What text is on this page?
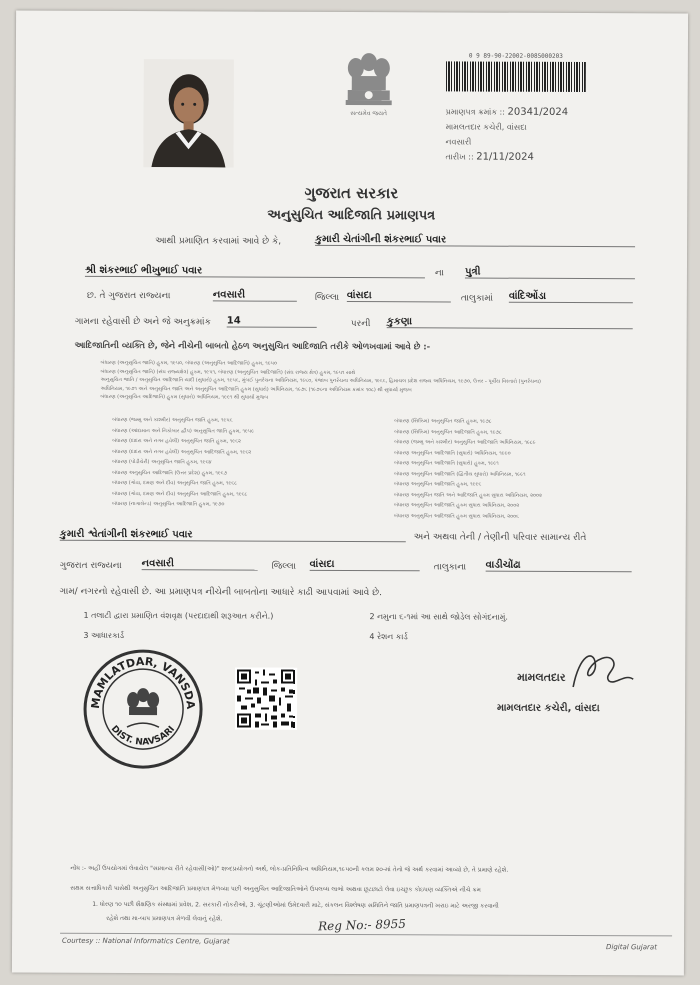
સત્યમેવ જયતે
0 9 89-90-22002-0085000203
પ્રમાણપત્ર ક્રમાંક :: 20341/2024
મામલતદાર કચેરી, વાંસદા
નવસારી
તારીખ :: 21/11/2024
ગુજરાત સરકાર
અનુસુચિત આદિજાતિ પ્રમાણપત્ર
આથી પ્રમાણિત કરવામાં આવે છે કે,	કુમારી ચેતાંગીની શંકરભાઈ પવાર
શ્રી શંકરભાઈ ભીખુભાઈ પવાર	ના પુત્રી
છ. તે ગુજરાત રાજ્યના	નવસારી	જિલ્લા વાંસદા	તાલુકામાં વાંદિઓંડા
ગામના રહેવાસી છે અને જે અનુક્રમાંક 14	પરની કુકણા
આદિજાતિની વ્યક્તિ છે, જેને નીચેની બાબતો હેઠળ અનુસુચિત આદિજાતિ તરીકે ઓળખવામાં આવે છે :-
બંધારણ (અનુસુચિત જાતિ) હુકમ, ૧૯૫૦, બંધારણ (અનુસુચિત આદિજાતિ) હુકમ, ૧૯૫૦
બંધારણ (અનુસુચિત જાતિ) (સંઘ રાજ્યક્ષેત્ર) હુકમ, ૧૯૫૧, બંધારણ (અનુસુચિત આદિજાતિ) (સંઘ રાજ્ય ક્ષેત્ર) હુકમ, ૧૯૫૧ સાથે
અનુસુચિત જાતિ / અનુસુચિત આદિજાતિ યાદી (સુધારો) હુકમ, ૧૯૫૬, મુંબઈ પુનર્રચના અધિનિયમ, ૧૯૬૦, પંજાબ પુનર્રચના અધિનિયમ, ૧૯૬૬, હિમાચલ પ્રદેશ રાજ્ય અધિનિયમ, ૧૯૭૦, ઉત્તર - પૂર્વીય વિસ્તારો (પુનર્રચના)
અધિનિયમ, ૧૯૭૧ અને અનુસુચિત જાતિ અને અનુસુચિત આદિજાતિ હુકમ (સુધારો) અધિનિયમ, ૧૯૭૬ (૧૯૭૬ના અધિનિયમ ક્રમાંક ૧૦૮) થી સુધાર્યા મુજબ
બંધારણ (અનુસુચિત આદિજાતિ) હુકમ (સુધારો) અધિનિયમ, ૧૯૯૧ થી સુધાર્યા મુજબ
બંધારણ (જમ્મુ અને કાશ્મીર) અનુસુચિત જાતિ હુકમ, ૧૯૫૬
બંધારણ (આંદામાન અને નિકોબાર દ્વીપ) અનુસુચિત જાતિ હુકમ, ૧૯૫૯
બંધારણ (દાદરા અને નગર હવેલી) અનુસુચિત જાતિ હુકમ, ૧૯૬૨
બંધારણ (દાદરા અને નગર હવેલી) અનુસુચિત આદિજાતિ હુકમ, ૧૯૬૨
બંધારણ (પોંડીચેરી) અનુસુચિત જાતિ હુકમ, ૧૯૬૪
બંધારણ અનુસુચિત આદિજાતિ (ઉત્તર પ્રદેશ) હુકમ, ૧૯૬૭
બંધારણ (ગોવા, દમણ અને દીવ) અનુસુચિત જાતિ હુકમ, ૧૯૬૮
બંધારણ (ગોવા, દમણ અને દીવ) અનુસુચિત આદિજાતિ હુકમ, ૧૯૬૮
બંધારણ (નાગાલેન્ડ) અનુસુચિત આદિજાતિ હુકમ, ૧૯૭૦
બંધારણ (સિક્કિમ) અનુસુચિત જાતિ હુકમ, ૧૯૭૮
બંધારણ (સિક્કિમ) અનુસુચિત આદિજાતિ હુકમ, ૧૯૭૮
બંધારણ (જમ્મુ અને કાશ્મીર) અનુસુચિત આદિજાતિ અધિનિયમ, ૧૯૮૯
બંધારણ અનુસુચિત આદિજાતિ (સુધારો) અધિનિયમ, ૧૯૯૦
બંધારણ અનુસુચિત આદિજાતિ (સુધારો) હુકમ, ૧૯૯૧
બંધારણ અનુસુચિત આદિજાતિ (દ્વિતીય સુધારો) અધિનિયમ, ૧૯૯૧
બંધારણ અનુસુચિત આદિજાતિ હુકમ, ૧૯૯૬
બંધારણ અનુસુચિત જાતિ અને આદિજાતિ હુકમ સુધારા અધિનિયમ, ૨૦૦૨
બંધારણ અનુસુચિત આદિજાતિ હુકમ સુધારા અધિનિયમ, ૨૦૦૨
બંધારણ અનુસુચિત આદિજાતિ હુકમ સુધારા અધિનિયમ, ૨૦૦૬
કુમારી શ્વેતાંગીની શંકરભાઈ પવાર	અને અથવા તેની / તેણીની પરિવાર સામાન્ય રીતે
ગુજરાત રાજ્યના નવસારી	જિલ્લા વાંસદા	તાલુકાના વાડીચોંઢા
ગામ/ નગરનો રહેવાસી છે. આ પ્રમાણપત્ર નીચેની બાબતોના આધારે કાઢી આપવામાં આવે છે.
1 તલાટી દ્વારા પ્રમાણિત વંશવૃક્ષ (પરદાદાથી શરૂઆત કરીને.)	2 નમુના ૬-૧માં આ સાથે જોડેલ સોગંદનામું.
3 આધારકાર્ડ	4 રેશન કાર્ડ
MAMLATDAR, VANSDA
DIST. NAVSARI
મામલતદાર
મામલતદાર કચેરી, વાંસદા
નોંધ :- અહીં ઉપયોગમાં લેવાયેલ "સામાન્ય રીતે રહેવાસી(ઓ)" શબ્દપ્રયોગનો અર્થ, લોક-પ્રતિનિધિત્વ અધિનિયમ,૧૯૫૦ની કલમ ૨૦-માં તેનો જે અર્થ કરવામાં આવ્યો છે, તે પ્રમાણે રહેશે.
સક્ષમ સત્તાધિકારી પાસેથી અનુસુચિત આદિજાતિ પ્રમાણપત્ર મેળવ્યા પછી અનુસુચિત આદિજાતિઓને ઉપલબ્ધ લાભો અથવા છૂટછાટો લેવા ઇચ્છુક કોઇપણ વ્યક્તિએ નીચે ક્રમ
1. ધોરણ ૧૦ પછી શૈક્ષણિક સંસ્થામાં પ્રવેશ, 2. સરકારી નોકરીઓ, 3. ચૂંટણીઓમાં ઉમેદવારી માટે, સંકલન વિશ્લેષણ સમિતિને જાતિ પ્રમાણપત્રની ખરાઇ માટે અરજી કરવાની
રહેશે તથા મા-બાપ પ્રમાણપત્ર મેળવી લેવાનું રહેશે.	Reg No:- 8955
Courtesy :: National Informatics Centre, Gujarat
Digital Gujarat
